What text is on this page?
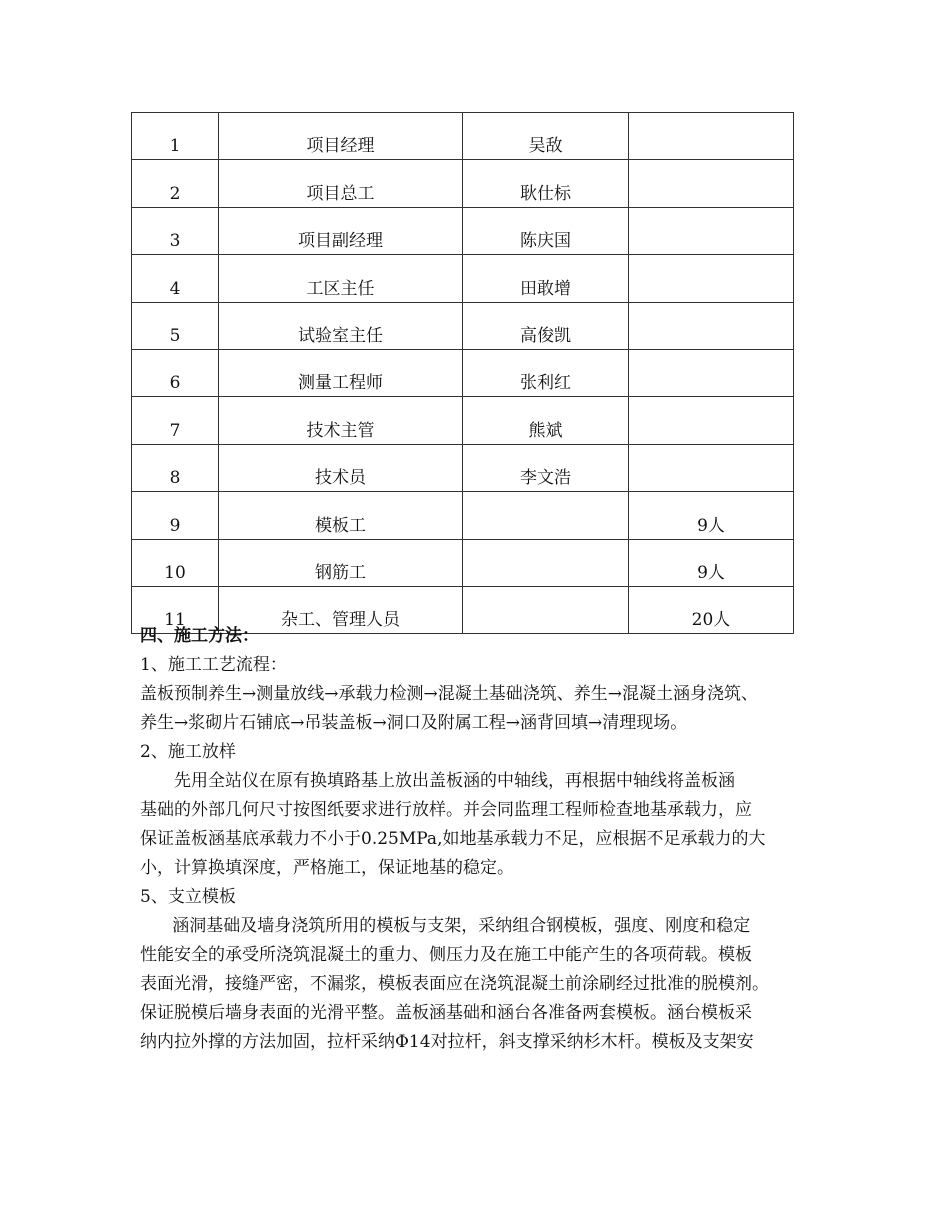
1	项目经理	吴敌	
2	项目总工	耿仕标	
3	项目副经理	陈庆国	
4	工区主任	田敢增	
5	试验室主任	高俊凯	
6	测量工程师	张利红	
7	技术主管	熊斌	
8	技术员	李文浩	
9	模板工		9人
10	钢筋工		9人
11	杂工、管理人员		20人

四、施工方法：

1、施工工艺流程：

盖板预制养生→测量放线→承载力检测→混凝土基础浇筑、养生→混凝土涵身浇筑、

养生→浆砌片石铺底→吊装盖板→洞口及附属工程→涵背回填→清理现场。

2、施工放样

先用全站仪在原有换填路基上放出盖板涵的中轴线，再根据中轴线将盖板涵

基础的外部几何尺寸按图纸要求进行放样。并会同监理工程师检查地基承载力，应

保证盖板涵基底承载力不小于0.25MPa,如地基承载力不足，应根据不足承载力的大

小，计算换填深度，严格施工，保证地基的稳定。

5、支立模板

涵洞基础及墙身浇筑所用的模板与支架，采纳组合钢模板，强度、刚度和稳定

性能安全的承受所浇筑混凝土的重力、侧压力及在施工中能产生的各项荷载。模板

表面光滑，接缝严密，不漏浆，模板表面应在浇筑混凝土前涂刷经过批准的脱模剂。

保证脱模后墙身表面的光滑平整。盖板涵基础和涵台各准备两套模板。涵台模板采

纳内拉外撑的方法加固，拉杆采纳Φ14对拉杆，斜支撑采纳杉木杆。模板及支架安
